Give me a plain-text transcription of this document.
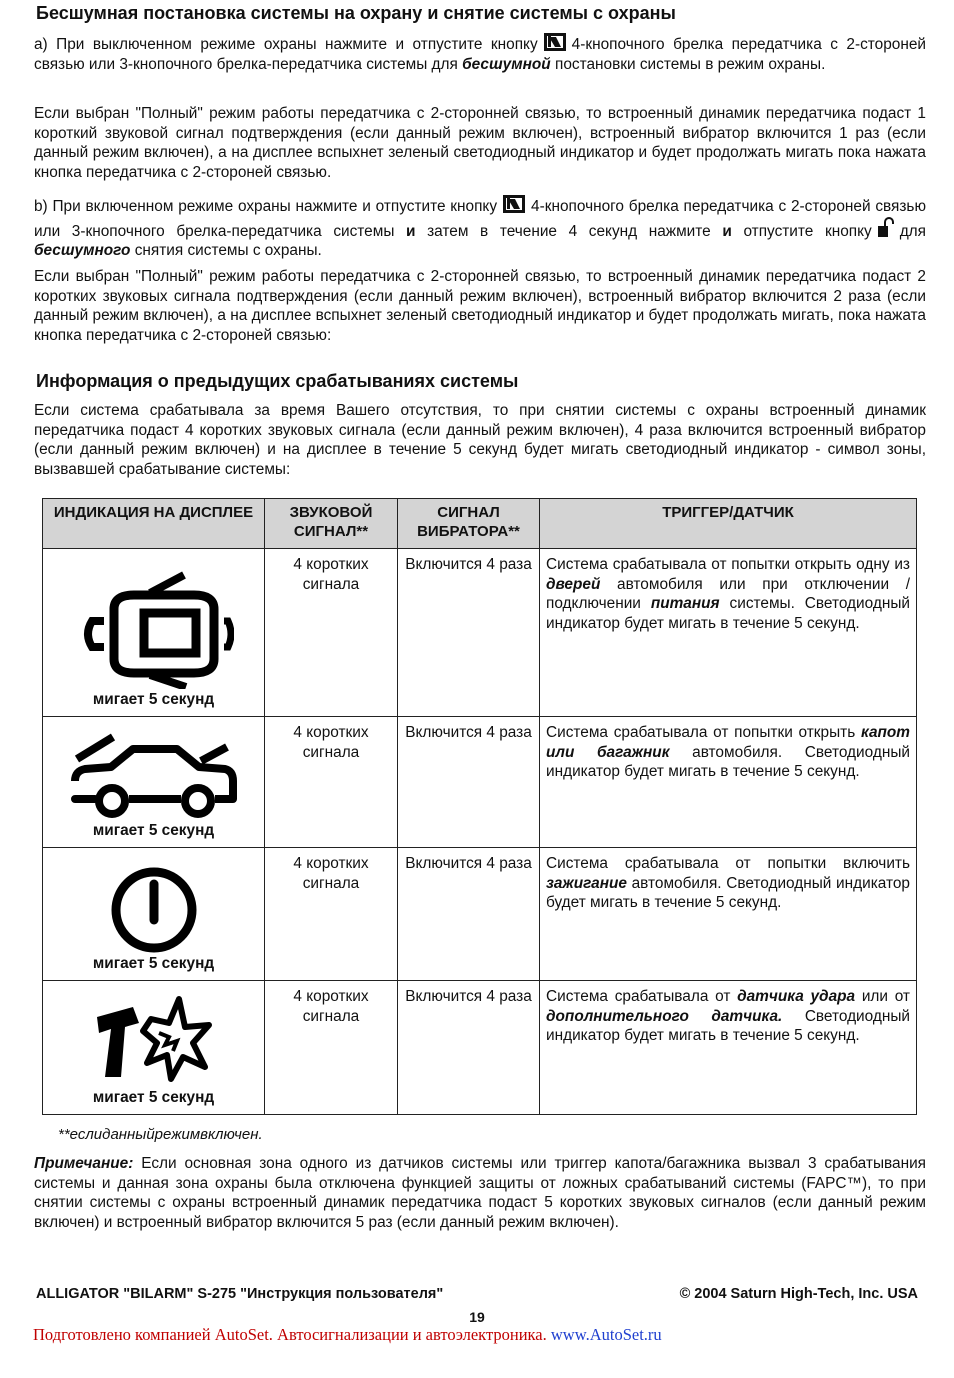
Бесшумная постановка системы на охрану и снятие системы с охраны

a) При выключенном режиме охраны нажмите и отпустите кнопку 4-кнопочного брелка передатчика с 2-стороней связью или 3-кнопочного брелка-передатчика системы для бесшумной постановки системы в режим охраны.

Если выбран "Полный" режим работы передатчика с 2-сторонней связью, то встроенный динамик передатчика подаст 1 короткий звуковой сигнал подтверждения (если данный режим включен), встроенный вибратор включится 1 раз (если данный режим включен), а на дисплее вспыхнет зеленый светодиодный индикатор и будет продолжать мигать пока нажата кнопка передатчика с 2-стороней связью.

b) При включенном режиме охраны нажмите и отпустите кнопку 4-кнопочного брелка передатчика с 2-стороней связью или 3-кнопочного брелка-передатчика системы и затем в течение 4 секунд нажмите и отпустите кнопку для бесшумного снятия системы с охраны.

Если выбран "Полный" режим работы передатчика с 2-сторонней связью, то встроенный динамик передатчика подаст 2 коротких звуковых сигнала подтверждения (если данный режим включен), встроенный вибратор включится 2 раза (если данный режим включен), а на дисплее вспыхнет зеленый светодиодный индикатор и будет продолжать мигать, пока нажата кнопка передатчика с 2-стороней связью:

Информация о предыдущих срабатываниях системы

Если система срабатывала за время Вашего отсутствия, то при снятии системы с охраны встроенный динамик передатчика подаст 4 коротких звуковых сигнала (если данный режим включен), 4 раза включится встроенный вибратор (если данный режим включен) и на дисплее в течение 5 секунд будет мигать светодиодный индикатор - символ зоны, вызвавшей срабатывание системы:

ИНДИКАЦИЯ НА ДИСПЛЕЕ	ЗВУКОВОЙ СИГНАЛ**	СИГНАЛ ВИБРАТОРА**	ТРИГГЕР/ДАТЧИК

мигает 5 секунд	4 коротких сигнала	Включится 4 раза	Система срабатывала от попытки открыть одну из дверей автомобиля или при отключении / подключении питания системы. Светодиодный индикатор будет мигать в течение 5 секунд.

мигает 5 секунд	4 коротких сигнала	Включится 4 раза	Система срабатывала от попытки открыть капот или багажник автомобиля. Светодиодный индикатор будет мигать в течение 5 секунд.

мигает 5 секунд	4 коротких сигнала	Включится 4 раза	Система срабатывала от попытки включить зажигание автомобиля. Светодиодный индикатор будет мигать в течение 5 секунд.

мигает 5 секунд	4 коротких сигнала	Включится 4 раза	Система срабатывала от датчика удара или от дополнительного датчика. Светодиодный индикатор будет мигать в течение 5 секунд.
**еслиданныйрежимвключен.

Примечание: Если основная зона одного из датчиков системы или триггер капота/багажника вызвал 3 срабатывания системы и данная зона охраны была отключена функцией защиты от ложных срабатываний системы (FAPC™), то при снятии системы с охраны встроенный динамик передатчика подаст 5 коротких звуковых сигналов (если данный режим включен) и встроенный вибратор включится 5 раз (если данный режим включен).

ALLIGATOR "BILARM" S-275 "Инструкция пользователя"	© 2004 Saturn High-Tech, Inc. USA
19
Подготовлено компанией AutoSet. Автосигнализации и автоэлектроника. www.AutoSet.ru
